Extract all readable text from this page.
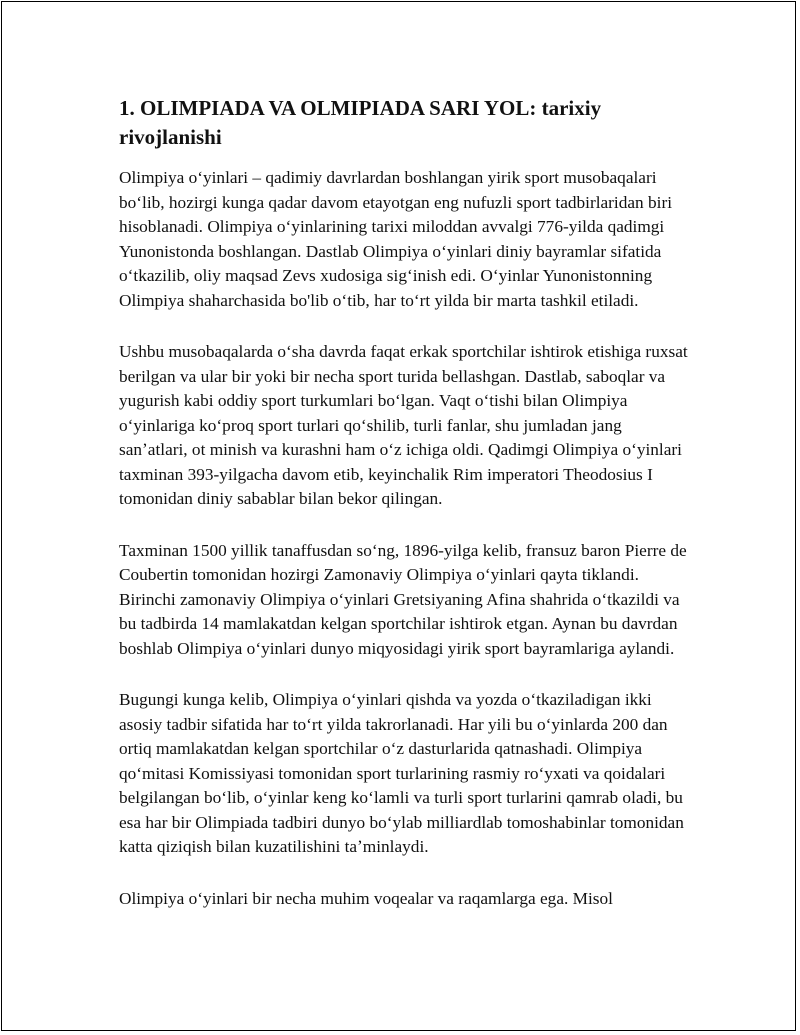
1. OLIMPIADA VA OLMIPIADA SARI YOL: tarixiy rivojlanishi

Olimpiya oʻyinlari – qadimiy davrlardan boshlangan yirik sport musobaqalari boʻlib, hozirgi kunga qadar davom etayotgan eng nufuzli sport tadbirlaridan biri hisoblanadi. Olimpiya oʻyinlarining tarixi miloddan avvalgi 776-yilda qadimgi Yunonistonda boshlangan. Dastlab Olimpiya oʻyinlari diniy bayramlar sifatida oʻtkazilib, oliy maqsad Zevs xudosiga sigʻinish edi. Oʻyinlar Yunonistonning Olimpiya shaharchasida bo'lib oʻtib, har toʻrt yilda bir marta tashkil etiladi.

Ushbu musobaqalarda oʻsha davrda faqat erkak sportchilar ishtirok etishiga ruxsat berilgan va ular bir yoki bir necha sport turida bellashgan. Dastlab, saboqlar va yugurish kabi oddiy sport turkumlari boʻlgan. Vaqt oʻtishi bilan Olimpiya oʻyinlariga koʻproq sport turlari qoʻshilib, turli fanlar, shu jumladan jang sanʼatlari, ot minish va kurashni ham oʻz ichiga oldi. Qadimgi Olimpiya oʻyinlari taxminan 393-yilgacha davom etib, keyinchalik Rim imperatori Theodosius I tomonidan diniy sabablar bilan bekor qilingan.

Taxminan 1500 yillik tanaffusdan soʻng, 1896-yilga kelib, fransuz baron Pierre de Coubertin tomonidan hozirgi Zamonaviy Olimpiya oʻyinlari qayta tiklandi. Birinchi zamonaviy Olimpiya oʻyinlari Gretsiyaning Afina shahrida oʻtkazildi va bu tadbirda 14 mamlakatdan kelgan sportchilar ishtirok etgan. Aynan bu davrdan boshlab Olimpiya oʻyinlari dunyo miqyosidagi yirik sport bayramlariga aylandi.

Bugungi kunga kelib, Olimpiya oʻyinlari qishda va yozda oʻtkaziladigan ikki asosiy tadbir sifatida har toʻrt yilda takrorlanadi. Har yili bu oʻyinlarda 200 dan ortiq mamlakatdan kelgan sportchilar oʻz dasturlarida qatnashadi. Olimpiya qoʻmitasi Komissiyasi tomonidan sport turlarining rasmiy roʻyxati va qoidalari belgilangan boʻlib, oʻyinlar keng koʻlamli va turli sport turlarini qamrab oladi, bu esa har bir Olimpiada tadbiri dunyo boʻylab milliardlab tomoshabinlar tomonidan katta qiziqish bilan kuzatilishini taʼminlaydi.

Olimpiya oʻyinlari bir necha muhim voqealar va raqamlarga ega. Misol
